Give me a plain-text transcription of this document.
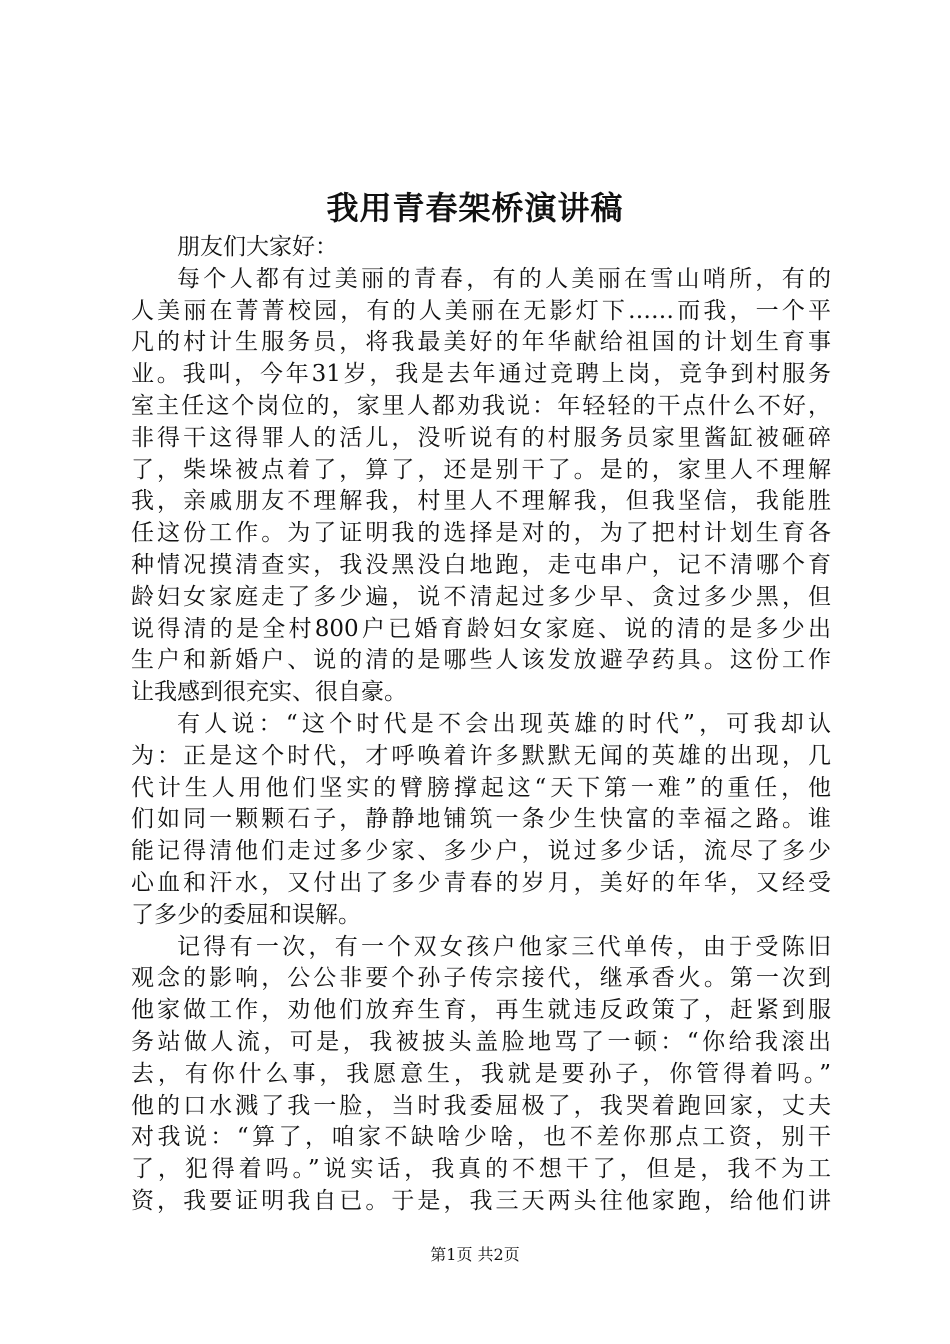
我用青春架桥演讲稿
朋友们大家好：
每个人都有过美丽的青春，有的人美丽在雪山哨所，有的
人美丽在菁菁校园，有的人美丽在无影灯下……而我，一个平
凡的村计生服务员，将我最美好的年华献给祖国的计划生育事
业。我叫，今年31岁，我是去年通过竞聘上岗，竞争到村服务
室主任这个岗位的，家里人都劝我说：年轻轻的干点什么不好，
非得干这得罪人的活儿，没听说有的村服务员家里酱缸被砸碎
了，柴垛被点着了，算了，还是别干了。是的，家里人不理解
我，亲戚朋友不理解我，村里人不理解我，但我坚信，我能胜
任这份工作。为了证明我的选择是对的，为了把村计划生育各
种情况摸清查实，我没黑没白地跑，走屯串户，记不清哪个育
龄妇女家庭走了多少遍，说不清起过多少早、贪过多少黑，但
说得清的是全村800户已婚育龄妇女家庭、说的清的是多少出
生户和新婚户、说的清的是哪些人该发放避孕药具。这份工作
让我感到很充实、很自豪。
有人说：“这个时代是不会出现英雄的时代”，可我却认
为：正是这个时代，才呼唤着许多默默无闻的英雄的出现，几
代计生人用他们坚实的臂膀撑起这“天下第一难”的重任，他
们如同一颗颗石子，静静地铺筑一条少生快富的幸福之路。谁
能记得清他们走过多少家、多少户，说过多少话，流尽了多少
心血和汗水，又付出了多少青春的岁月，美好的年华，又经受
了多少的委屈和误解。
记得有一次，有一个双女孩户他家三代单传，由于受陈旧
观念的影响，公公非要个孙子传宗接代，继承香火。第一次到
他家做工作，劝他们放弃生育，再生就违反政策了，赶紧到服
务站做人流，可是，我被披头盖脸地骂了一顿：“你给我滚出
去，有你什么事，我愿意生，我就是要孙子，你管得着吗。”
他的口水溅了我一脸，当时我委屈极了，我哭着跑回家，丈夫
对我说：“算了，咱家不缺啥少啥，也不差你那点工资，别干
了，犯得着吗。”说实话，我真的不想干了，但是，我不为工
资，我要证明我自已。于是，我三天两头往他家跑，给他们讲
第1页 共2页
